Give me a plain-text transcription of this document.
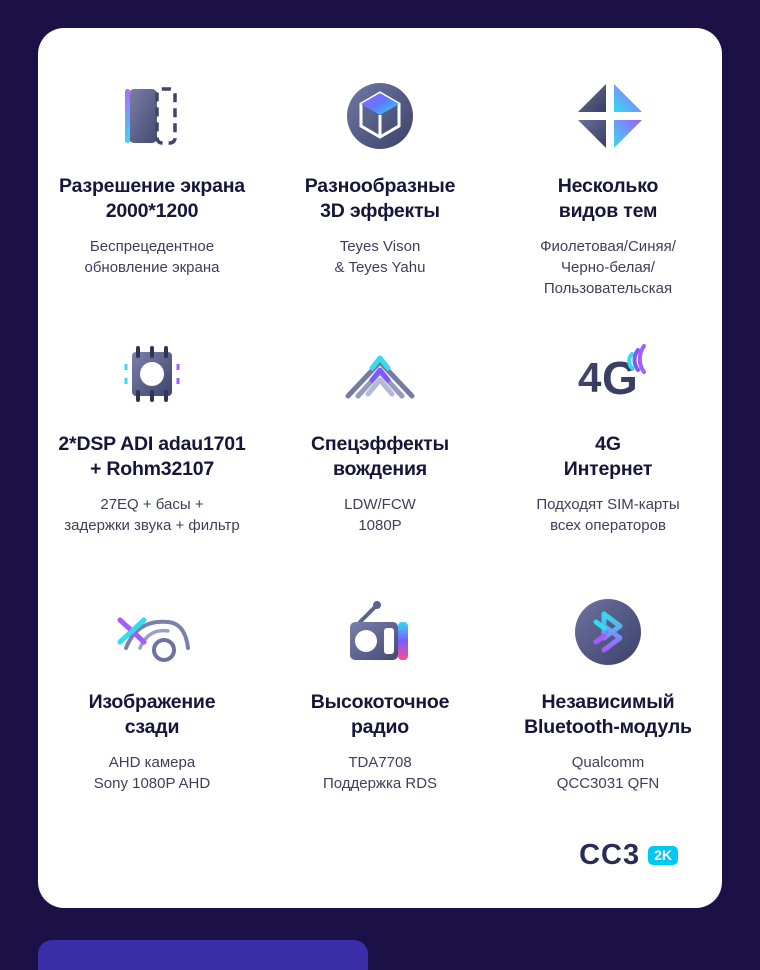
Разрешение экрана
2000*1200
Беспрецедентное
обновление экрана
Разнообразные
3D эффекты
Teyes Vison
& Teyes Yahu
Несколько
видов тем
Фиолетовая/Синяя/
Черно-белая/
Пользовательская
2*DSP ADI adau1701
+ Rohm32107
27EQ + басы +
задержки звука + фильтр
Спецэффекты
вождения
LDW/FCW
1080P
4 G
4G
Интернет
Подходят SIM-карты
всех операторов
Изображение
сзади
AHD камера
Sony 1080P AHD
Высокоточное
радио
TDA7708
Поддержка RDS
Независимый
Bluetooth-модуль
Qualcomm
QCC3031 QFN
CC3	2K
